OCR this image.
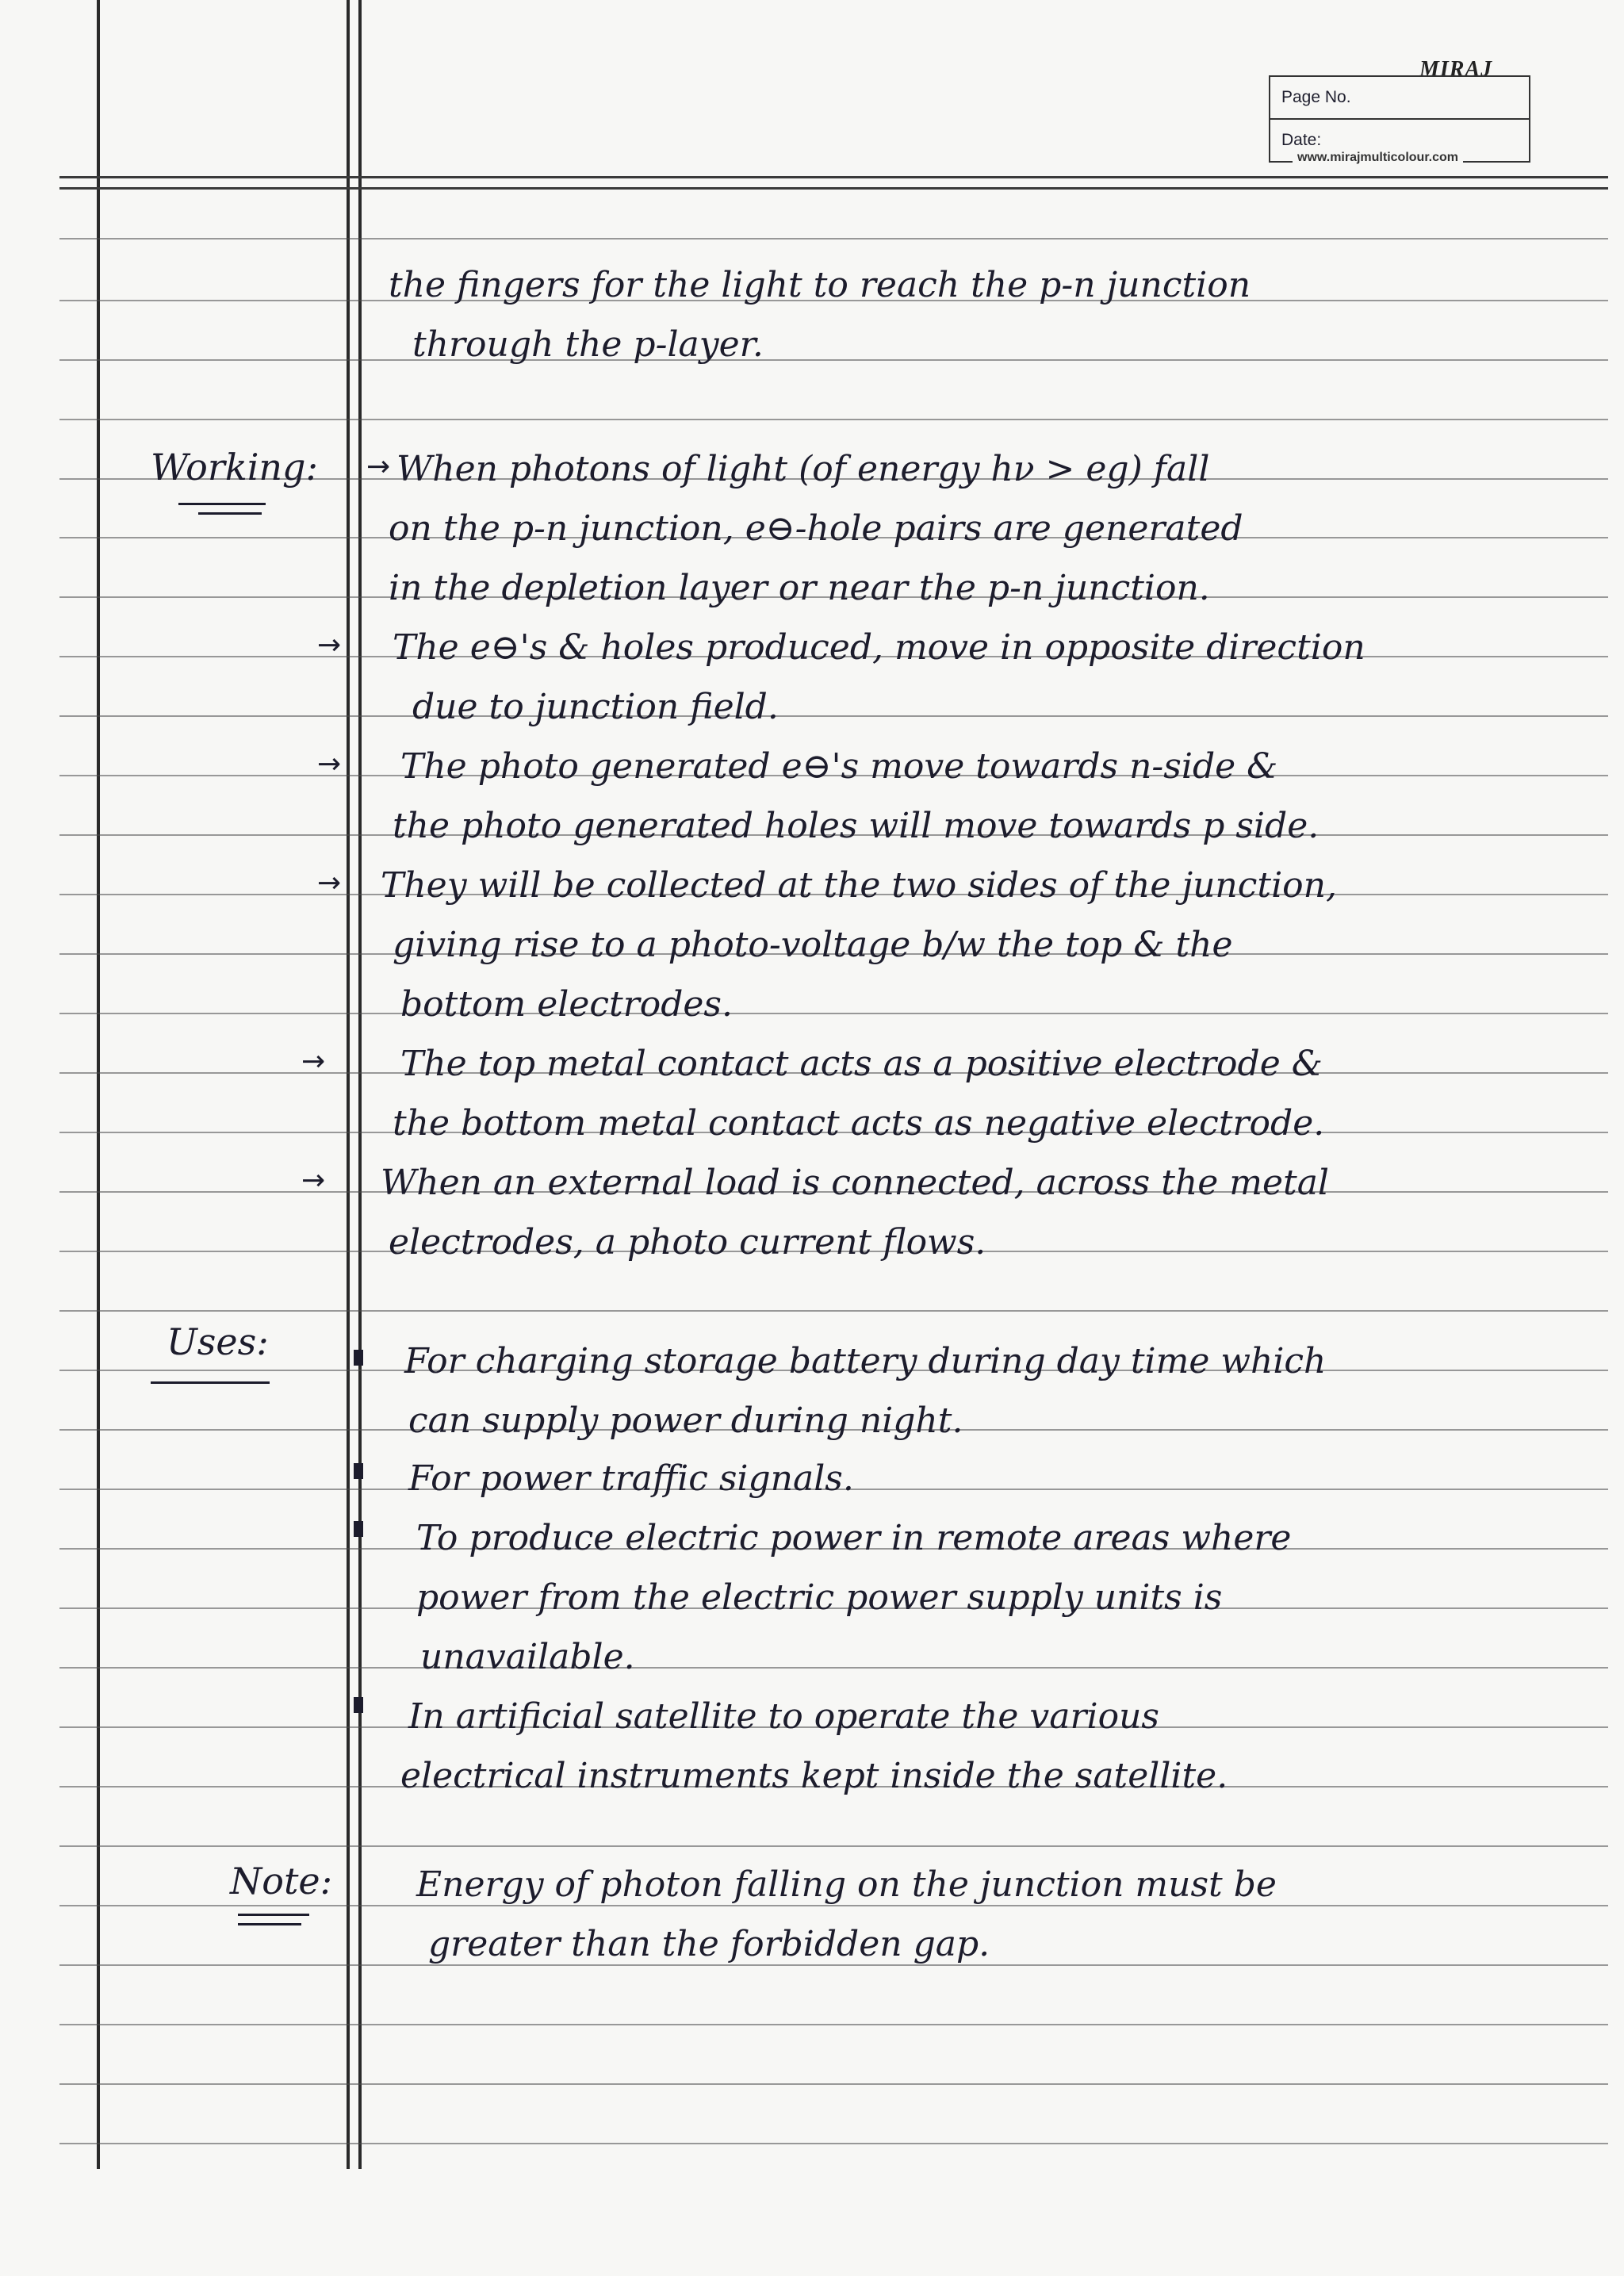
MIRAJ
Page No.
Date:
www.mirajmulticolour.com
the fingers for the light to reach the p-n junction
through the p-layer.
Working: → When photons of light (of energy hν > eg) fall
on the p-n junction, e⊖-hole pairs are generated
in the depletion layer or near the p-n junction.
→ The e⊖'s & holes produced, move in opposite direction
due to junction field.
→ The photo generated e⊖'s move towards n-side &
the photo generated holes will move towards p side.
→ They will be collected at the two sides of the junction,
giving rise to a photo-voltage b/w the top & the
bottom electrodes.
→ The top metal contact acts as a positive electrode &
the bottom metal contact acts as negative electrode.
→ When an external load is connected, across the metal
electrodes, a photo current flows.
Uses:	For charging storage battery during day time which
can supply power during night.
For power traffic signals.
To produce electric power in remote areas where
power from the electric power supply units is
unavailable.
In artificial satellite to operate the various
electrical instruments kept inside the satellite.
Note: Energy of photon falling on the junction must be
greater than the forbidden gap.
